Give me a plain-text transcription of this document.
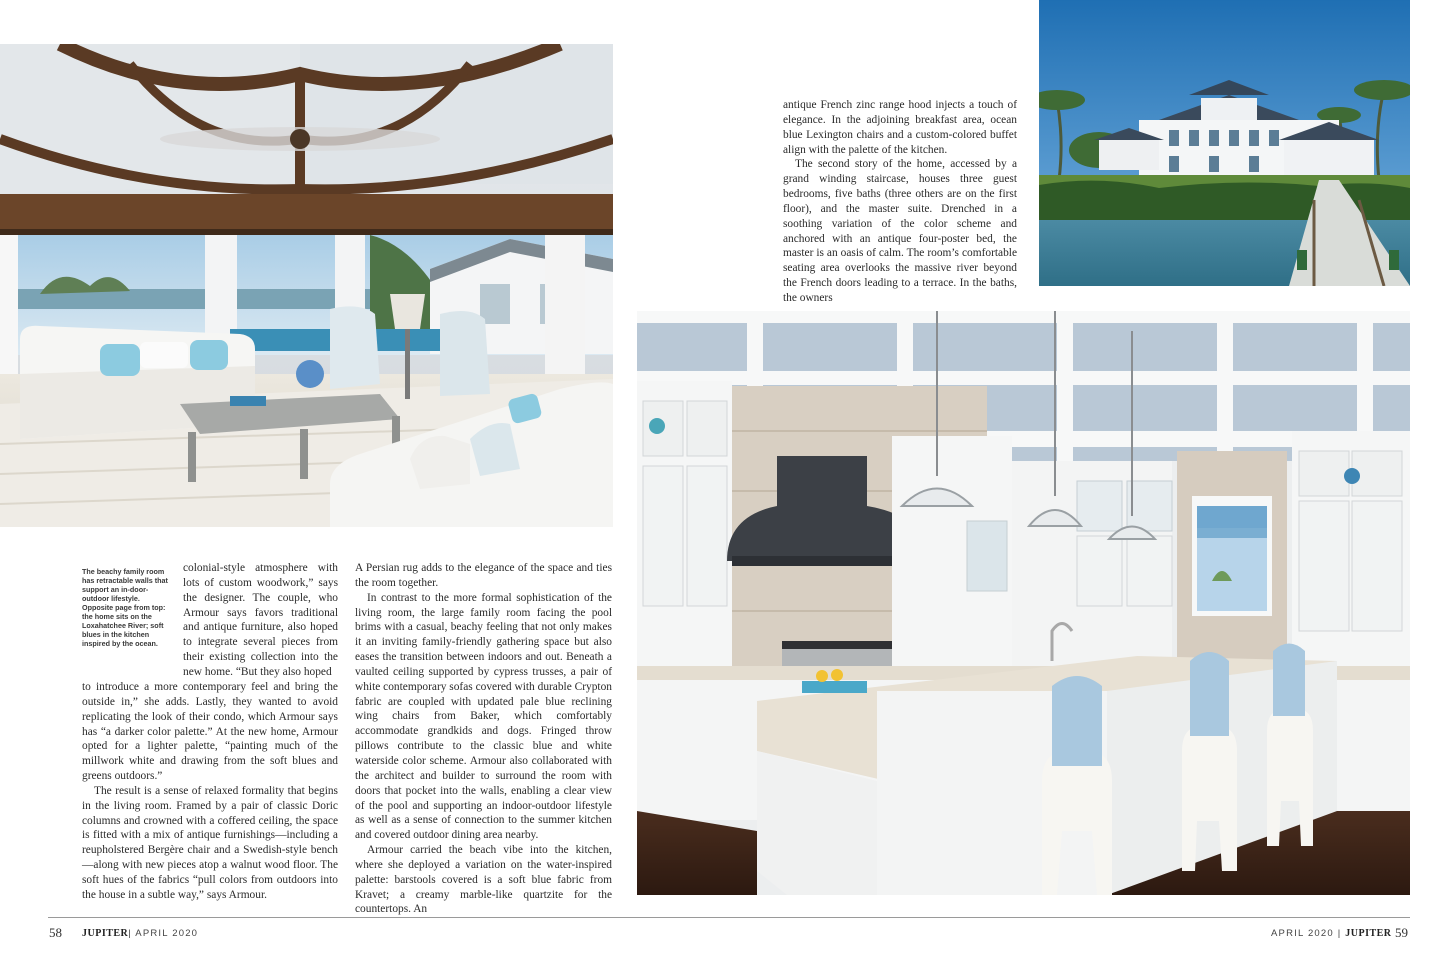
The beachy family room has retractable walls that support an in-door-outdoor lifestyle. Opposite page from top: the home sits on the Loxahatchee River; soft blues in the kitchen inspired by the ocean.

colonial-style atmosphere with lots of custom woodwork,” says the designer. The couple, who Armour says favors traditional and antique furniture, also hoped to integrate several pieces from their existing collection into the new home. “But they also hoped

to introduce a more contemporary feel and bring the outside in,” she adds. Lastly, they wanted to avoid replicating the look of their condo, which Armour says has “a darker color palette.” At the new home, Armour opted for a lighter palette, “painting much of the millwork white and drawing from the soft blues and greens outdoors.”

The result is a sense of relaxed formality that begins in the living room. Framed by a pair of classic Doric columns and crowned with a coffered ceiling, the space is fitted with a mix of antique furnishings—including a reupholstered Bergère chair and a Swedish-style bench—along with new pieces atop a walnut wood floor. The soft hues of the fabrics “pull colors from outdoors into the house in a subtle way,” says Armour.

A Persian rug adds to the elegance of the space and ties the room together.

In contrast to the more formal sophistication of the living room, the large family room facing the pool brims with a casual, beachy feeling that not only makes it an inviting family-friendly gathering space but also eases the transition between indoors and out. Beneath a vaulted ceiling supported by cypress trusses, a pair of white contemporary sofas covered with durable Crypton fabric are coupled with updated pale blue reclining wing chairs from Baker, which comfortably accommodate grandkids and dogs. Fringed throw pillows contribute to the classic blue and white waterside color scheme. Armour also collaborated with the architect and builder to surround the room with doors that pocket into the walls, enabling a clear view of the pool and supporting an indoor-outdoor lifestyle as well as a sense of connection to the summer kitchen and covered outdoor dining area nearby.

Armour carried the beach vibe into the kitchen, where she deployed a variation on the water-inspired palette: barstools covered is a soft blue fabric from Kravet; a creamy marble-like quartzite for the countertops. An

antique French zinc range hood injects a touch of elegance. In the adjoining breakfast area, ocean blue Lexington chairs and a custom-colored buffet align with the palette of the kitchen.

The second story of the home, accessed by a grand winding staircase, houses three guest bedrooms, five baths (three others are on the first floor), and the master suite. Drenched in a soothing variation of the color scheme and anchored with an antique four-poster bed, the master is an oasis of calm. The room’s comfortable seating area overlooks the massive river beyond the French doors leading to a terrace. In the baths, the owners

58 JUPITER| APRIL 2020	APRIL 2020 | JUPITER 59
